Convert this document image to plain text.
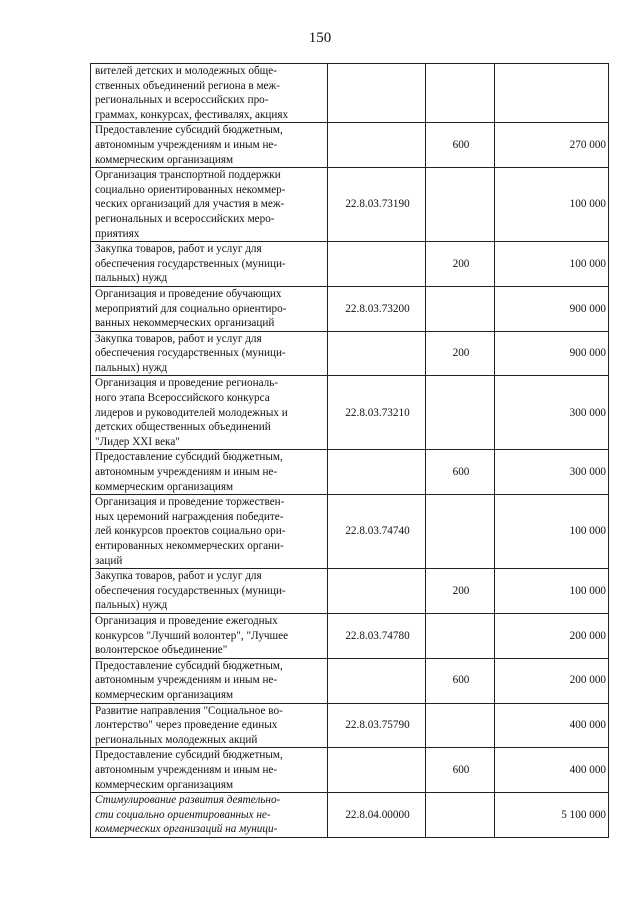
150
вителей детских и молодежных обще-
ственных объединений региона в меж-
региональных и всероссийских про-
граммах, конкурсах, фестивалях, акциях			

Предоставление субсидий бюджетным,
автономным учреждениям и иным не-
коммерческим организациям		600	270 000

Организация транспортной поддержки
социально ориентированных некоммер-
ческих организаций для участия в меж-
региональных и всероссийских меро-
приятиях	22.8.03.73190		100 000

Закупка товаров, работ и услуг для
обеспечения государственных (муници-
пальных) нужд		200	100 000

Организация и проведение обучающих
мероприятий для социально ориентиро-
ванных некоммерческих организаций	22.8.03.73200		900 000

Закупка товаров, работ и услуг для
обеспечения государственных (муници-
пальных) нужд		200	900 000

Организация и проведение региональ-
ного этапа Всероссийского конкурса
лидеров и руководителей молодежных и
детских общественных объединений
"Лидер XXI века"	22.8.03.73210		300 000

Предоставление субсидий бюджетным,
автономным учреждениям и иным не-
коммерческим организациям		600	300 000

Организация и проведение торжествен-
ных церемоний награждения победите-
лей конкурсов проектов социально ори-
ентированных некоммерческих органи-
заций	22.8.03.74740		100 000

Закупка товаров, работ и услуг для
обеспечения государственных (муници-
пальных) нужд		200	100 000

Организация и проведение ежегодных
конкурсов "Лучший волонтер", "Лучшее
волонтерское объединение"	22.8.03.74780		200 000

Предоставление субсидий бюджетным,
автономным учреждениям и иным не-
коммерческим организациям		600	200 000

Развитие направления "Социальное во-
лонтерство" через проведение единых
региональных молодежных акций	22.8.03.75790		400 000

Предоставление субсидий бюджетным,
автономным учреждениям и иным не-
коммерческим организациям		600	400 000

Стимулирование развития деятельно-
сти социально ориентированных не-
коммерческих организаций на муници-	22.8.04.00000		5 100 000
